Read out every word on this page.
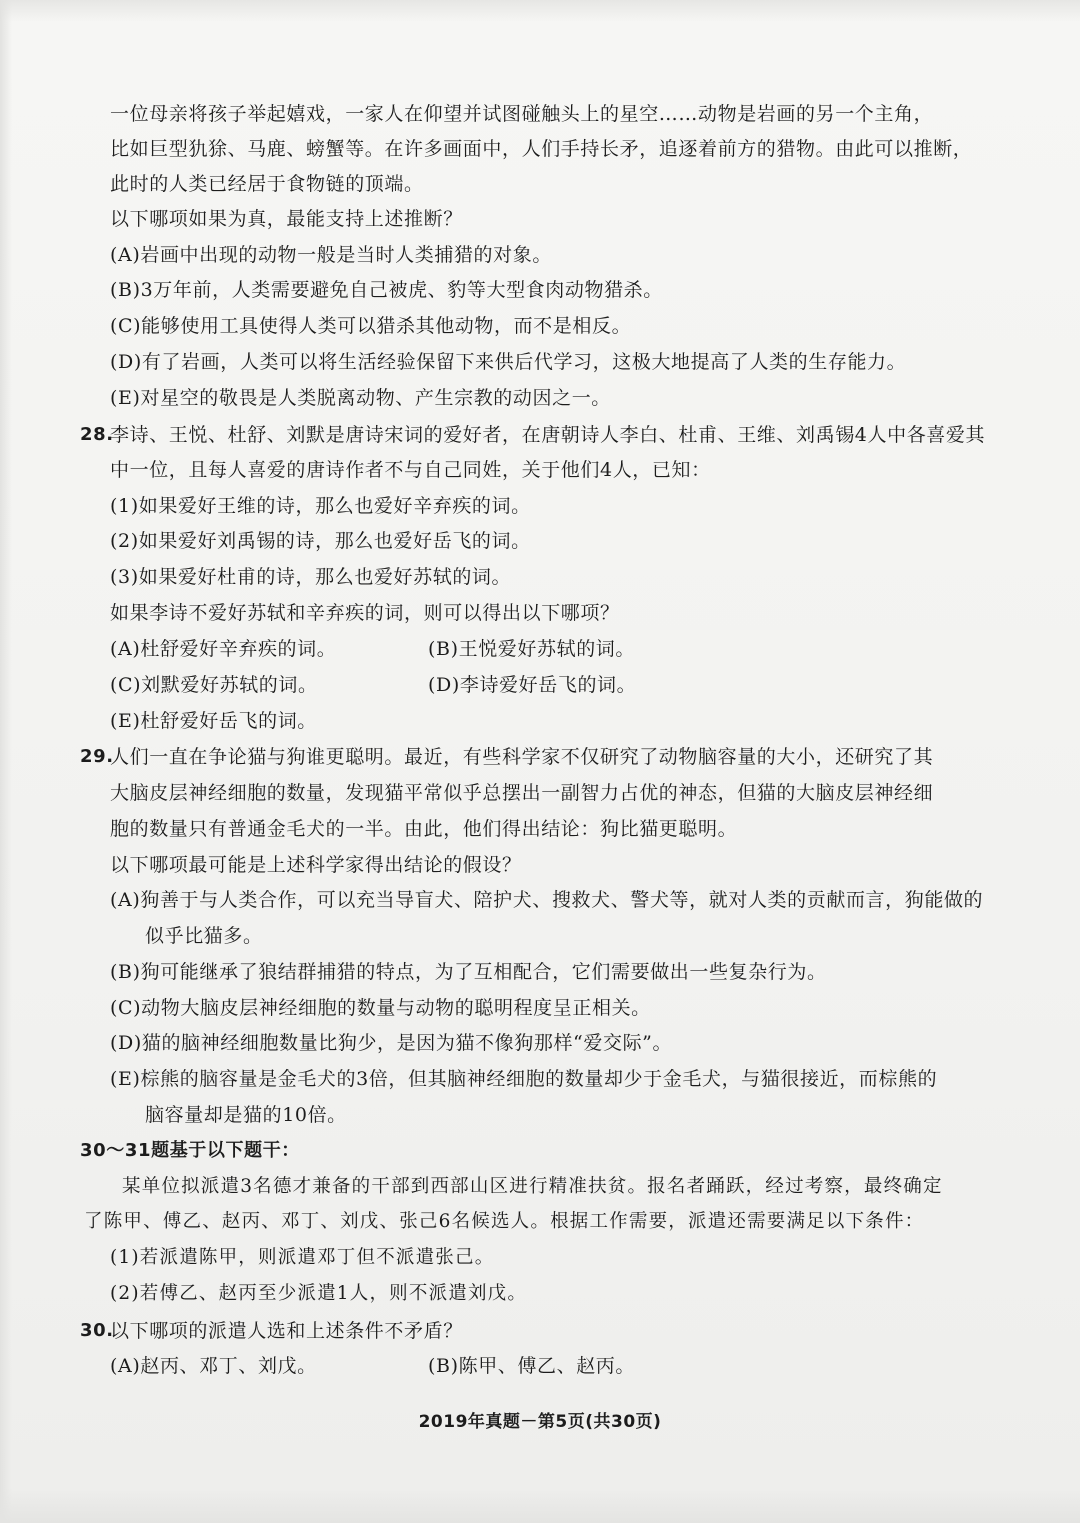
一位母亲将孩子举起嬉戏，一家人在仰望并试图碰触头上的星空……动物是岩画的另一个主角，
比如巨型犰狳、马鹿、螃蟹等。在许多画面中，人们手持长矛，追逐着前方的猎物。由此可以推断，
此时的人类已经居于食物链的顶端。
以下哪项如果为真，最能支持上述推断？
(A)岩画中出现的动物一般是当时人类捕猎的对象。
(B)3万年前，人类需要避免自己被虎、豹等大型食肉动物猎杀。
(C)能够使用工具使得人类可以猎杀其他动物，而不是相反。
(D)有了岩画，人类可以将生活经验保留下来供后代学习，这极大地提高了人类的生存能力。
(E)对星空的敬畏是人类脱离动物、产生宗教的动因之一。
28.
李诗、王悦、杜舒、刘默是唐诗宋词的爱好者，在唐朝诗人李白、杜甫、王维、刘禹锡4人中各喜爱其
中一位，且每人喜爱的唐诗作者不与自己同姓，关于他们4人，已知：
(1)如果爱好王维的诗，那么也爱好辛弃疾的词。
(2)如果爱好刘禹锡的诗，那么也爱好岳飞的词。
(3)如果爱好杜甫的诗，那么也爱好苏轼的词。
如果李诗不爱好苏轼和辛弃疾的词，则可以得出以下哪项？
(A)杜舒爱好辛弃疾的词。	(B)王悦爱好苏轼的词。
(C)刘默爱好苏轼的词。	(D)李诗爱好岳飞的词。
(E)杜舒爱好岳飞的词。
29.
人们一直在争论猫与狗谁更聪明。最近，有些科学家不仅研究了动物脑容量的大小，还研究了其
大脑皮层神经细胞的数量，发现猫平常似乎总摆出一副智力占优的神态，但猫的大脑皮层神经细
胞的数量只有普通金毛犬的一半。由此，他们得出结论：狗比猫更聪明。
以下哪项最可能是上述科学家得出结论的假设？
(A)狗善于与人类合作，可以充当导盲犬、陪护犬、搜救犬、警犬等，就对人类的贡献而言，狗能做的
似乎比猫多。
(B)狗可能继承了狼结群捕猎的特点，为了互相配合，它们需要做出一些复杂行为。
(C)动物大脑皮层神经细胞的数量与动物的聪明程度呈正相关。
(D)猫的脑神经细胞数量比狗少，是因为猫不像狗那样“爱交际”。
(E)棕熊的脑容量是金毛犬的3倍，但其脑神经细胞的数量却少于金毛犬，与猫很接近，而棕熊的
脑容量却是猫的10倍。
30～31题基于以下题干：
某单位拟派遣3名德才兼备的干部到西部山区进行精准扶贫。报名者踊跃，经过考察，最终确定
了陈甲、傅乙、赵丙、邓丁、刘戊、张己6名候选人。根据工作需要，派遣还需要满足以下条件：
(1)若派遣陈甲，则派遣邓丁但不派遣张己。
(2)若傅乙、赵丙至少派遣1人，则不派遣刘戊。
30.
以下哪项的派遣人选和上述条件不矛盾？
(A)赵丙、邓丁、刘戊。	(B)陈甲、傅乙、赵丙。
2019年真题－第5页(共30页)
